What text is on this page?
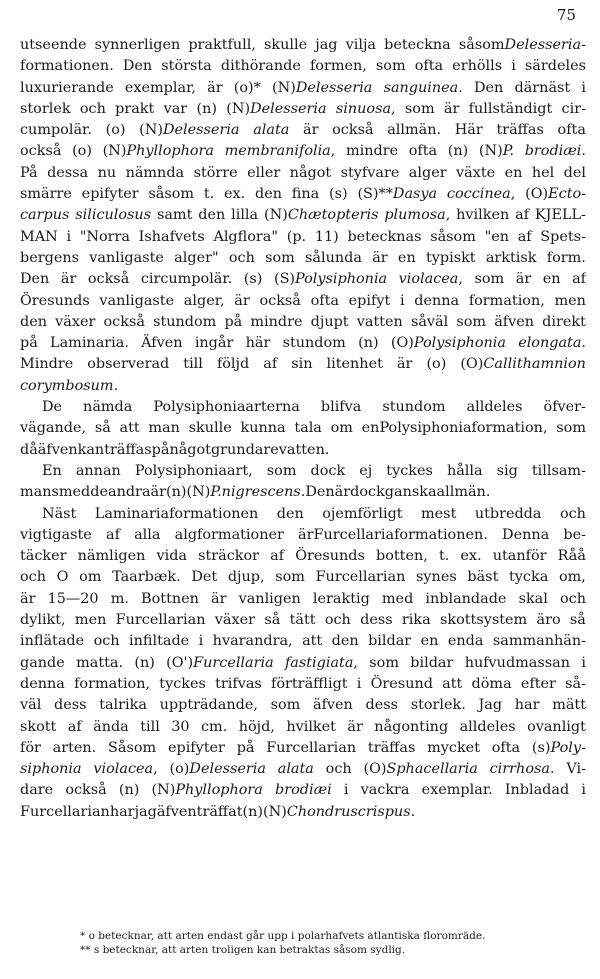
75
utseende synnerligen praktfull, skulle jag vilja beteckna såsomDelesseria-
formationen. Den största dithörande formen, som ofta erhölls i särdeles
luxurierande exemplar, är (o)* (N)Delesseria sanguinea. Den därnäst i
storlek och prakt var (n) (N)Delesseria sinuosa, som är fullständigt cir-
cumpolär. (o) (N)Delesseria alata är också allmän. Här träffas ofta
också (o) (N)Phyllophora membranifolia, mindre ofta (n) (N)P. brodiæi.
På dessa nu nämnda större eller något styfvare alger växte en hel del
smärre epifyter såsom t. ex. den fina (s) (S)**Dasya coccinea, (O)Ecto-
carpus siliculosus samt den lilla (N)Chætopteris plumosa, hvilken af KJELL-
MAN i "Norra Ishafvets Algflora" (p. 11) betecknas såsom "en af Spets-
bergens vanligaste alger" och som sålunda är en typiskt arktisk form.
Den är också circumpolär. (s) (S)Polysiphonia violacea, som är en af
Öresunds vanligaste alger, är också ofta epifyt i denna formation, men
den växer också stundom på mindre djupt vatten såväl som äfven direkt
på Laminaria. Äfven ingår här stundom (n) (O)Polysiphonia elongata.
Mindre observerad till följd af sin litenhet är (o) (O)Callithamnion
corymbosum.
De nämda Polysiphoniaarterna blifva stundom alldeles öfver-
vägande, så att man skulle kunna tala om enPolysiphoniaformation, som
då äfven kan träffas på något grundare vatten.
En annan Polysiphoniaart, som dock ej tyckes hålla sig tillsam-
mans med de andra är (n) (N)P. nigrescens. Den är dock ganska allmän.
Näst Laminariaformationen den ojemförligt mest utbredda och
vigtigaste af alla algformationer ärFurcellariaformationen. Denna be-
täcker nämligen vida sträckor af Öresunds botten, t. ex. utanför Råå
och O om Taarbæk. Det djup, som Furcellarian synes bäst tycka om,
är 15—20 m. Bottnen är vanligen leraktig med inblandade skal och
dylikt, men Furcellarian växer så tätt och dess rika skottsystem äro så
inflätade och infiltade i hvarandra, att den bildar en enda sammanhän-
gande matta. (n) (O')Furcellaria fastigiata, som bildar hufvudmassan i
denna formation, tyckes trifvas förträffligt i Öresund att döma efter så-
väl dess talrika uppträdande, som äfven dess storlek. Jag har mätt
skott af ända till 30 cm. höjd, hvilket är någonting alldeles ovanligt
för arten. Såsom epifyter på Furcellarian träffas mycket ofta (s)Poly-
siphonia violacea, (o)Delesseria alata och (O)Sphacellaria cirrhosa. Vi-
dare också (n) (N)Phyllophora brodiæi i vackra exemplar. Inbladad i
Furcellarian har jag äfven träffat (n) (N)Chondrus crispus.
* o betecknar, att arten endast går upp i polarhafvets atlantiska floromräde.
** s betecknar, att arten troligen kan betraktas såsom sydlig.
